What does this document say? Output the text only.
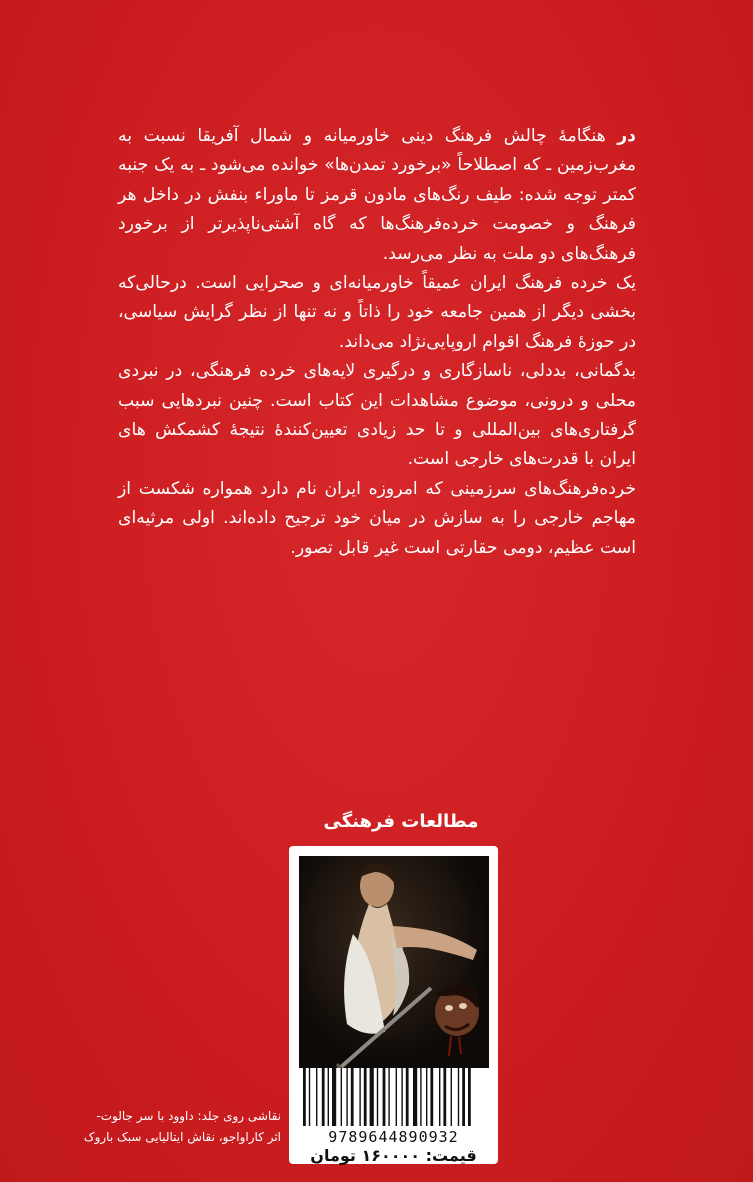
در هنگامهٔ چالش فرهنگ دینی خاورمیانه و شمال آفریقا نسبت به مغرب‌زمین ـ که اصطلاحاً «برخورد تمدن‌ها» خوانده می‌شود ـ به یک جنبه کمتر توجه شده: طیف رنگ‌های مادون قرمز تا ماوراء بنفش در داخل هر فرهنگ و خصومت خرده‌فرهنگ‌ها که گاه آشتی‌ناپذیرتر از برخورد فرهنگ‌های دو ملت به نظر می‌رسد.

یک خرده فرهنگ ایران عمیقاً خاورمیانه‌ای و صحرایی است. درحالی‌که بخشی دیگر از همین جامعه خود را ذاتاً و نه تنها از نظر گرایش سیاسی، در حوزهٔ فرهنگ اقوام اروپایی‌نژاد می‌داند.

بدگمانی، بددلی، ناسازگاری و درگیری لایه‌های خرده فرهنگی، در نبردی محلی و درونی، موضوع مشاهدات این کتاب است. چنین نبردهایی سبب گرفتاری‌های بین‌المللی و تا حد زیادی تعیین‌کنندهٔ نتیجهٔ کشمکش های ایران با قدرت‌های خارجی است.

خرده‌فرهنگ‌های سرزمینی که امروزه ایران نام دارد همواره شکست از مهاجم خارجی را به سازش در میان خود ترجیح داده‌اند. اولی مرثیه‌ای است عظیم، دومی حقارتی است غیر قابل تصور.

مطالعات فرهنگی
9789644890932
قیمت: ۱۶۰۰۰۰ تومان
نقاشی روی جلد: داوود با سر جالوت-
اثر کاراواجو، نقاش ایتالیایی سبک باروک
